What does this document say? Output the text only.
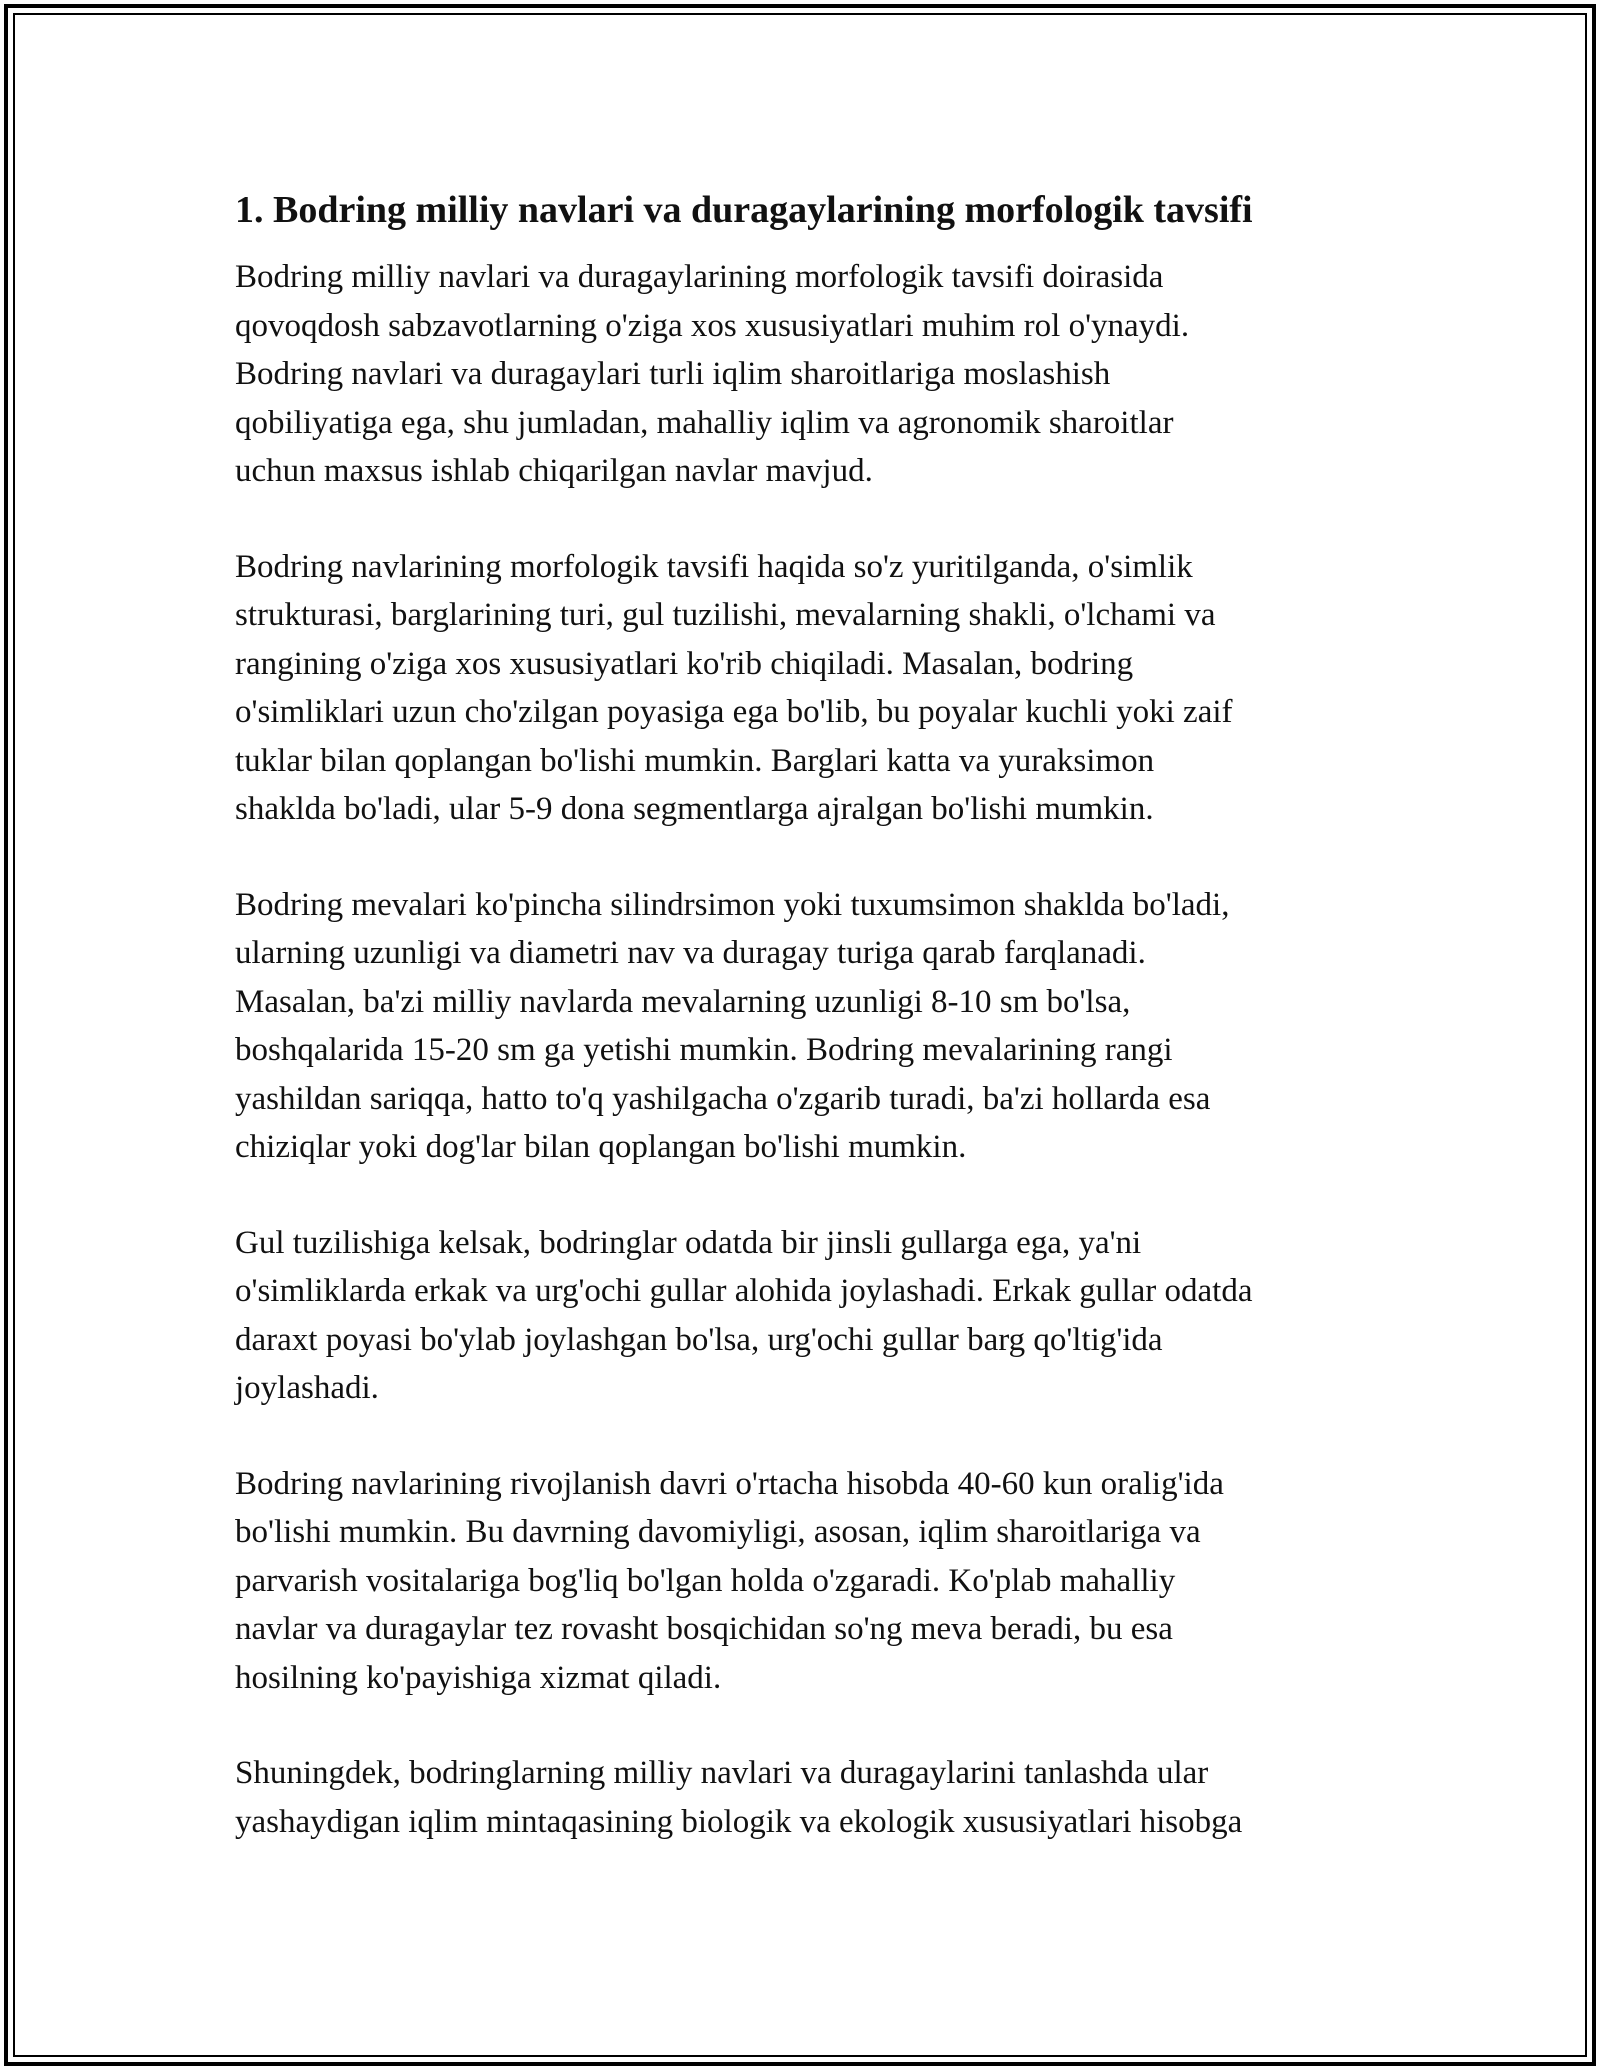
1. Bodring milliy navlari va duragaylarining morfologik tavsifi

Bodring milliy navlari va duragaylarining morfologik tavsifi doirasida
qovoqdosh sabzavotlarning o'ziga xos xususiyatlari muhim rol o'ynaydi.
Bodring navlari va duragaylari turli iqlim sharoitlariga moslashish
qobiliyatiga ega, shu jumladan, mahalliy iqlim va agronomik sharoitlar
uchun maxsus ishlab chiqarilgan navlar mavjud.

Bodring navlarining morfologik tavsifi haqida so'z yuritilganda, o'simlik
strukturasi, barglarining turi, gul tuzilishi, mevalarning shakli, o'lchami va
rangining o'ziga xos xususiyatlari ko'rib chiqiladi. Masalan, bodring
o'simliklari uzun cho'zilgan poyasiga ega bo'lib, bu poyalar kuchli yoki zaif
tuklar bilan qoplangan bo'lishi mumkin. Barglari katta va yuraksimon
shaklda bo'ladi, ular 5-9 dona segmentlarga ajralgan bo'lishi mumkin.

Bodring mevalari ko'pincha silindrsimon yoki tuxumsimon shaklda bo'ladi,
ularning uzunligi va diametri nav va duragay turiga qarab farqlanadi.
Masalan, ba'zi milliy navlarda mevalarning uzunligi 8-10 sm bo'lsa,
boshqalarida 15-20 sm ga yetishi mumkin. Bodring mevalarining rangi
yashildan sariqqa, hatto to'q yashilgacha o'zgarib turadi, ba'zi hollarda esa
chiziqlar yoki dog'lar bilan qoplangan bo'lishi mumkin.

Gul tuzilishiga kelsak, bodringlar odatda bir jinsli gullarga ega, ya'ni
o'simliklarda erkak va urg'ochi gullar alohida joylashadi. Erkak gullar odatda
daraxt poyasi bo'ylab joylashgan bo'lsa, urg'ochi gullar barg qo'ltig'ida
joylashadi.

Bodring navlarining rivojlanish davri o'rtacha hisobda 40-60 kun oralig'ida
bo'lishi mumkin. Bu davrning davomiyligi, asosan, iqlim sharoitlariga va
parvarish vositalariga bog'liq bo'lgan holda o'zgaradi. Ko'plab mahalliy
navlar va duragaylar tez rovasht bosqichidan so'ng meva beradi, bu esa
hosilning ko'payishiga xizmat qiladi.

Shuningdek, bodringlarning milliy navlari va duragaylarini tanlashda ular
yashaydigan iqlim mintaqasining biologik va ekologik xususiyatlari hisobga
